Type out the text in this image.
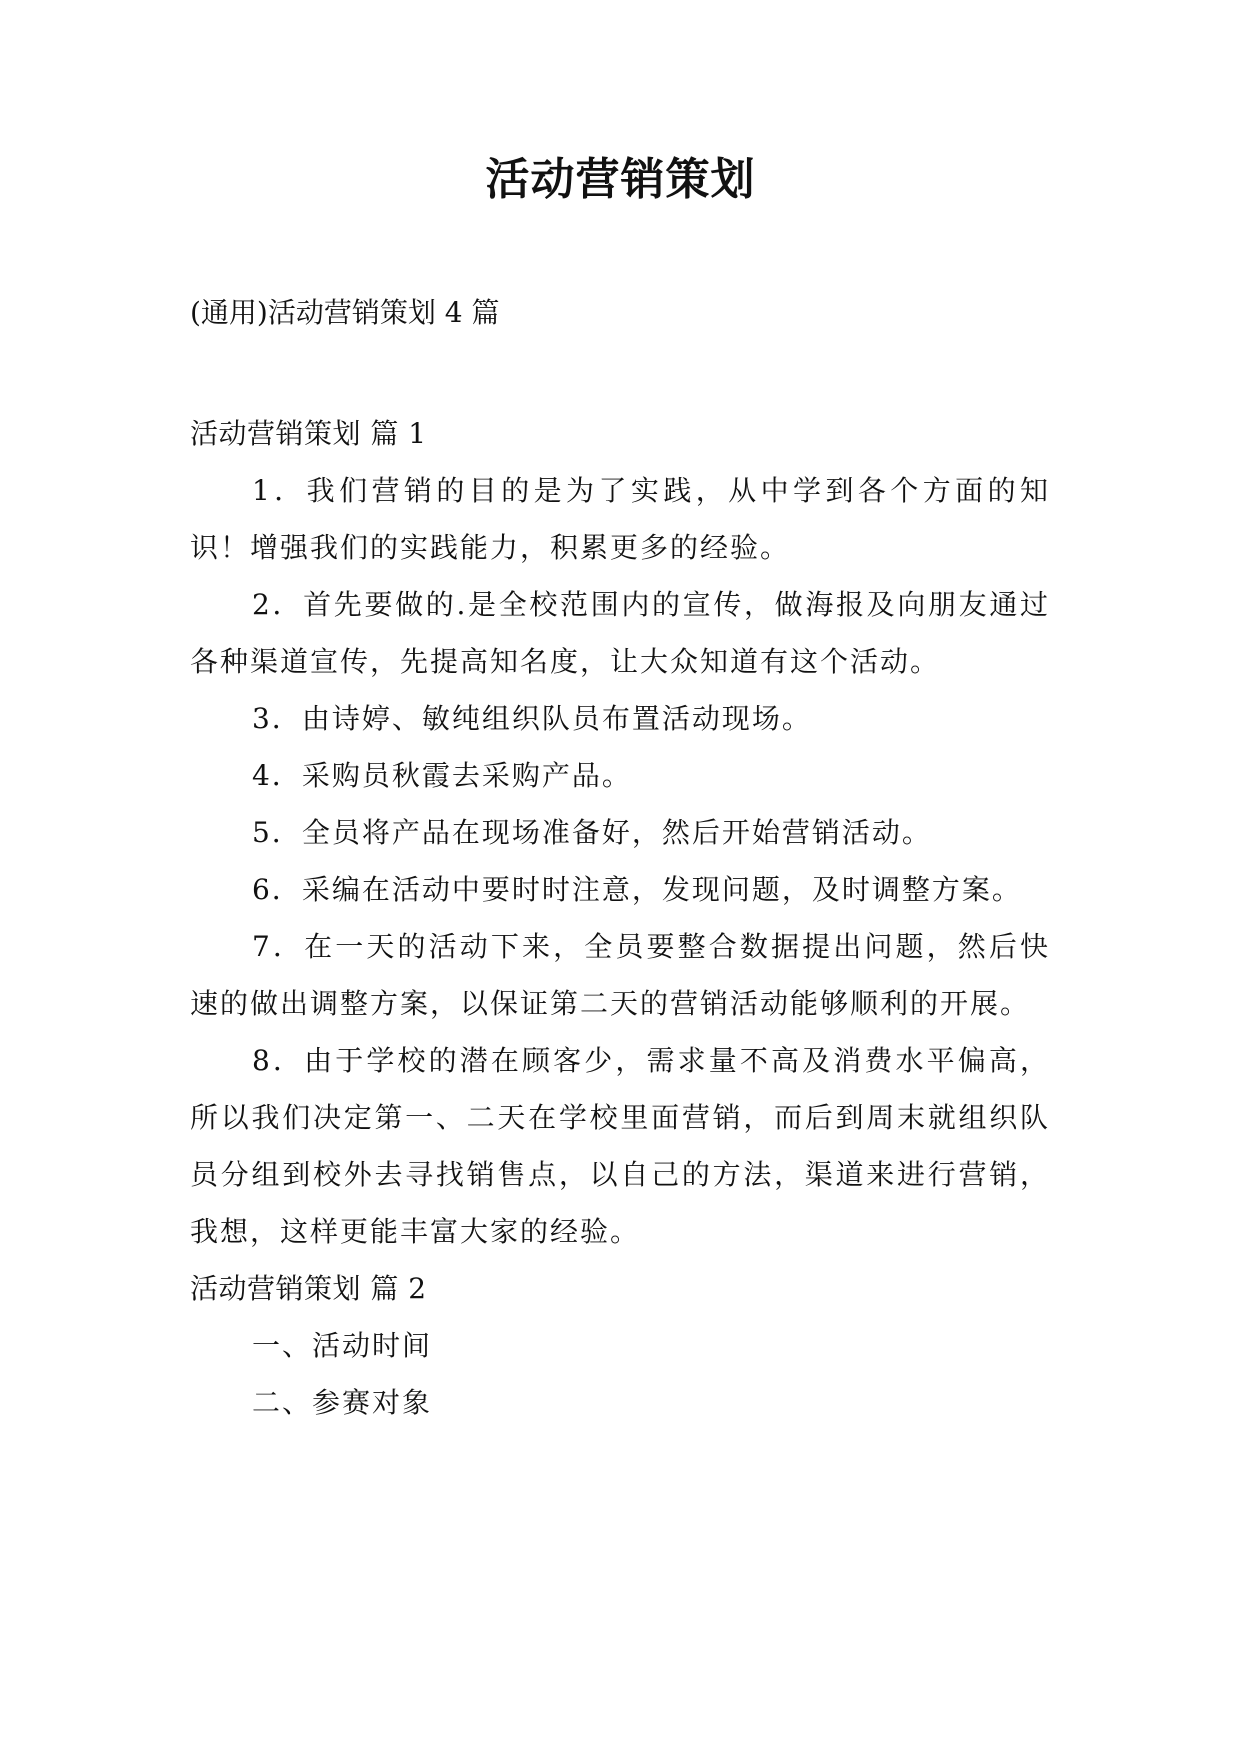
活动营销策划

(通用)活动营销策划 4 篇

活动营销策划 篇 1

1．我们营销的目的是为了实践，从中学到各个方面的知识！增强我们的实践能力，积累更多的经验。

2．首先要做的.是全校范围内的宣传，做海报及向朋友通过各种渠道宣传，先提高知名度，让大众知道有这个活动。

3．由诗婷、敏纯组织队员布置活动现场。

4．采购员秋霞去采购产品。

5．全员将产品在现场准备好，然后开始营销活动。

6．采编在活动中要时时注意，发现问题，及时调整方案。

7．在一天的活动下来，全员要整合数据提出问题，然后快速的做出调整方案，以保证第二天的营销活动能够顺利的开展。

8．由于学校的潜在顾客少，需求量不高及消费水平偏高，所以我们决定第一、二天在学校里面营销，而后到周末就组织队员分组到校外去寻找销售点，以自己的方法，渠道来进行营销，我想，这样更能丰富大家的经验。

活动营销策划 篇 2

一、活动时间

二、参赛对象
